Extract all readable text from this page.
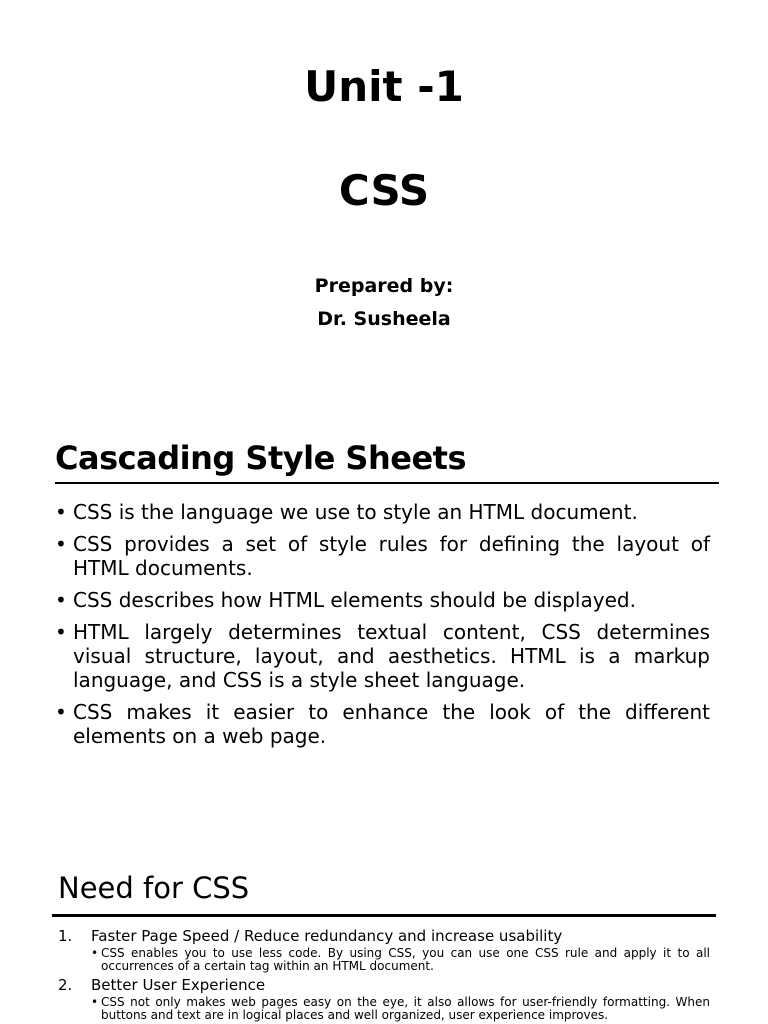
Unit -1
CSS
Prepared by:
Dr. Susheela
Cascading Style Sheets
• CSS is the language we use to style an HTML document.
• CSS provides a set of style rules for defining the layout of HTML documents.
• CSS describes how HTML elements should be displayed.
• HTML largely determines textual content, CSS determines visual structure, layout, and aesthetics. HTML is a markup language, and CSS is a style sheet language.
• CSS makes it easier to enhance the look of the different elements on a web page.
Need for CSS
1. Faster Page Speed / Reduce redundancy and increase usability
• CSS enables you to use less code. By using CSS, you can use one CSS rule and apply it to all occurrences of a certain tag within an HTML document.
2. Better User Experience
• CSS not only makes web pages easy on the eye, it also allows for user-friendly formatting. When buttons and text are in logical places and well organized, user experience improves.
